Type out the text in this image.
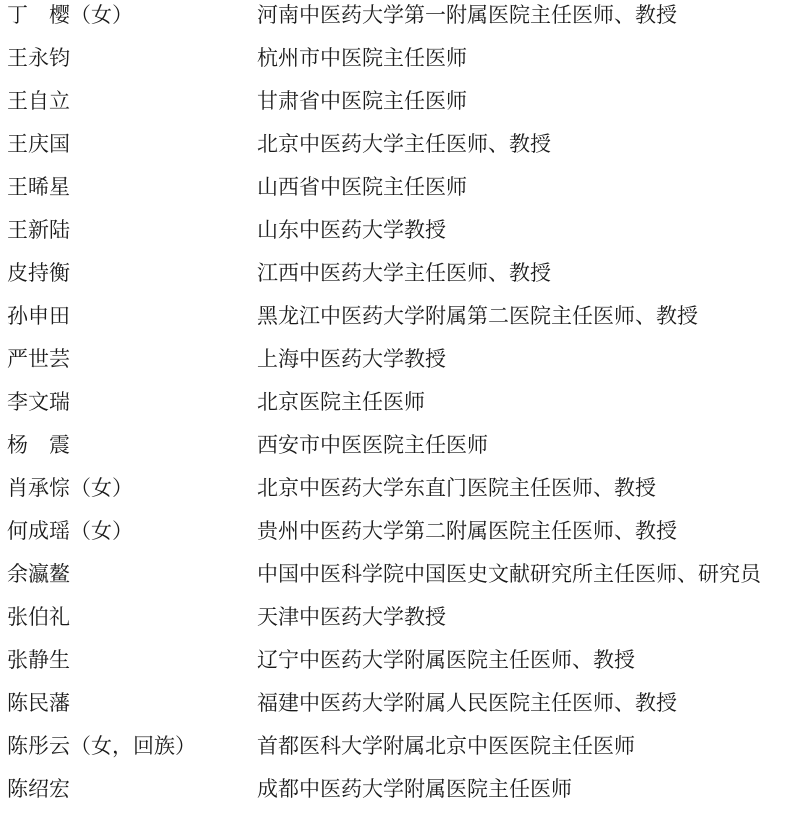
丁　樱（女）	河南中医药大学第一附属医院主任医师、教授
王永钧	杭州市中医院主任医师
王自立	甘肃省中医院主任医师
王庆国	北京中医药大学主任医师、教授
王晞星	山西省中医院主任医师
王新陆	山东中医药大学教授
皮持衡	江西中医药大学主任医师、教授
孙申田	黑龙江中医药大学附属第二医院主任医师、教授
严世芸	上海中医药大学教授
李文瑞	北京医院主任医师
杨　震	西安市中医医院主任医师
肖承悰（女）	北京中医药大学东直门医院主任医师、教授
何成瑶（女）	贵州中医药大学第二附属医院主任医师、教授
余瀛鳌	中国中医科学院中国医史文献研究所主任医师、研究员
张伯礼	天津中医药大学教授
张静生	辽宁中医药大学附属医院主任医师、教授
陈民藩	福建中医药大学附属人民医院主任医师、教授
陈彤云（女，回族）	首都医科大学附属北京中医医院主任医师
陈绍宏	成都中医药大学附属医院主任医师
